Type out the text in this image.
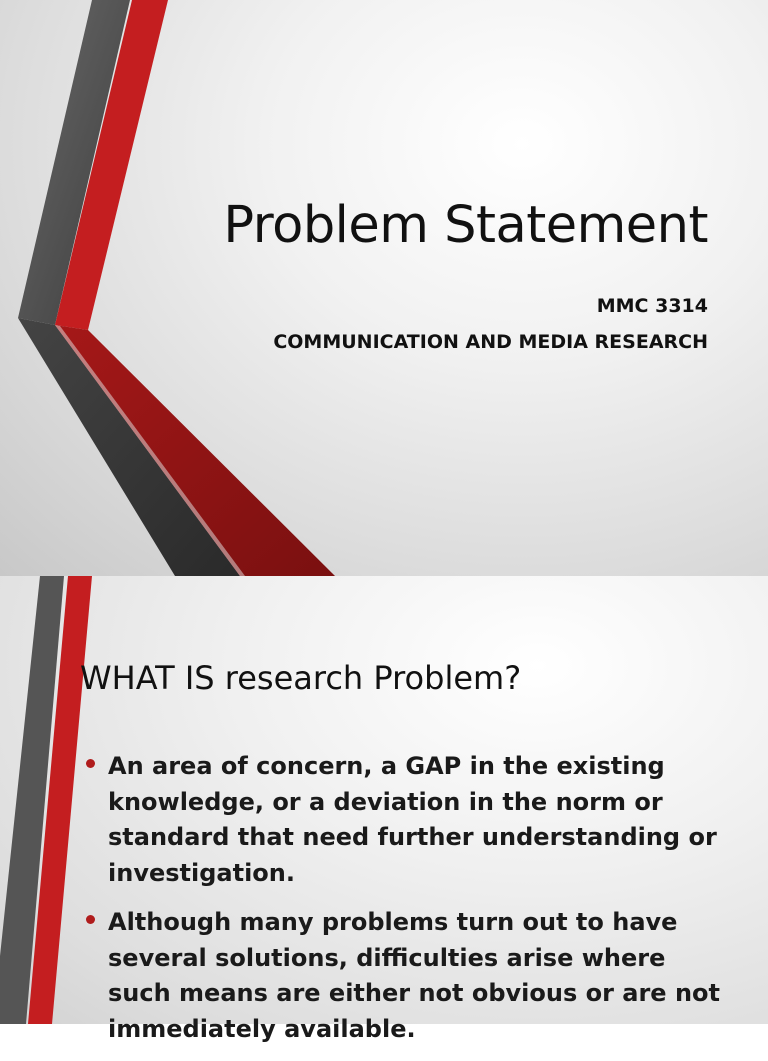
Problem Statement
MMC 3314
COMMUNICATION AND MEDIA RESEARCH
WHAT IS research Problem?
An area of concern, a GAP in the existing knowledge, or a deviation in the norm or standard that need further understanding or investigation.
Although many problems turn out to have several solutions, difficulties arise where such means are either not obvious or are not immediately available.
